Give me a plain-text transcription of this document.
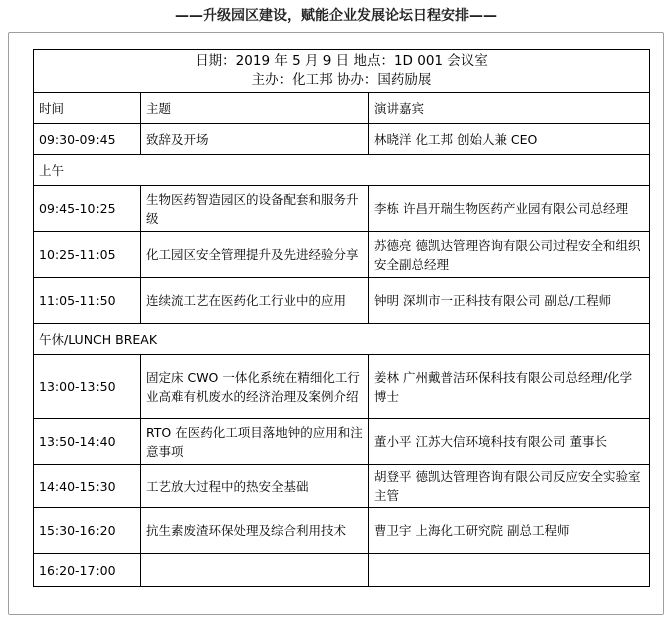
——升级园区建设，赋能企业发展论坛日程安排——
日期：2019 年 5 月 9 日 地点：1D 001 会议室
主办：化工邦 协办：国药励展		

时间	主题	演讲嘉宾
09:30-09:45	致辞及开场	林晓洋 化工邦 创始人兼 CEO
上午		
09:45-10:25	生物医药智造园区的设备配套和服务升级	李栋 许昌开瑞生物医药产业园有限公司总经理
10:25-11:05	化工园区安全管理提升及先进经验分享	苏德亮 德凯达管理咨询有限公司过程安全和组织安全副总经理
11:05-11:50	连续流工艺在医药化工行业中的应用	钟明 深圳市一正科技有限公司 副总/工程师
午休/LUNCH BREAK		
13:00-13:50	固定床 CWO 一体化系统在精细化工行业高难有机废水的经济治理及案例介绍	姜林 广州戴普洁环保科技有限公司总经理/化学博士
13:50-14:40	RTO 在医药化工项目落地钟的应用和注意事项	董小平 江苏大信环境科技有限公司 董事长
14:40-15:30	工艺放大过程中的热安全基础	胡登平 德凯达管理咨询有限公司反应安全实验室主管
15:30-16:20	抗生素废渣环保处理及综合利用技术	曹卫宇 上海化工研究院 副总工程师
16:20-17:00		
